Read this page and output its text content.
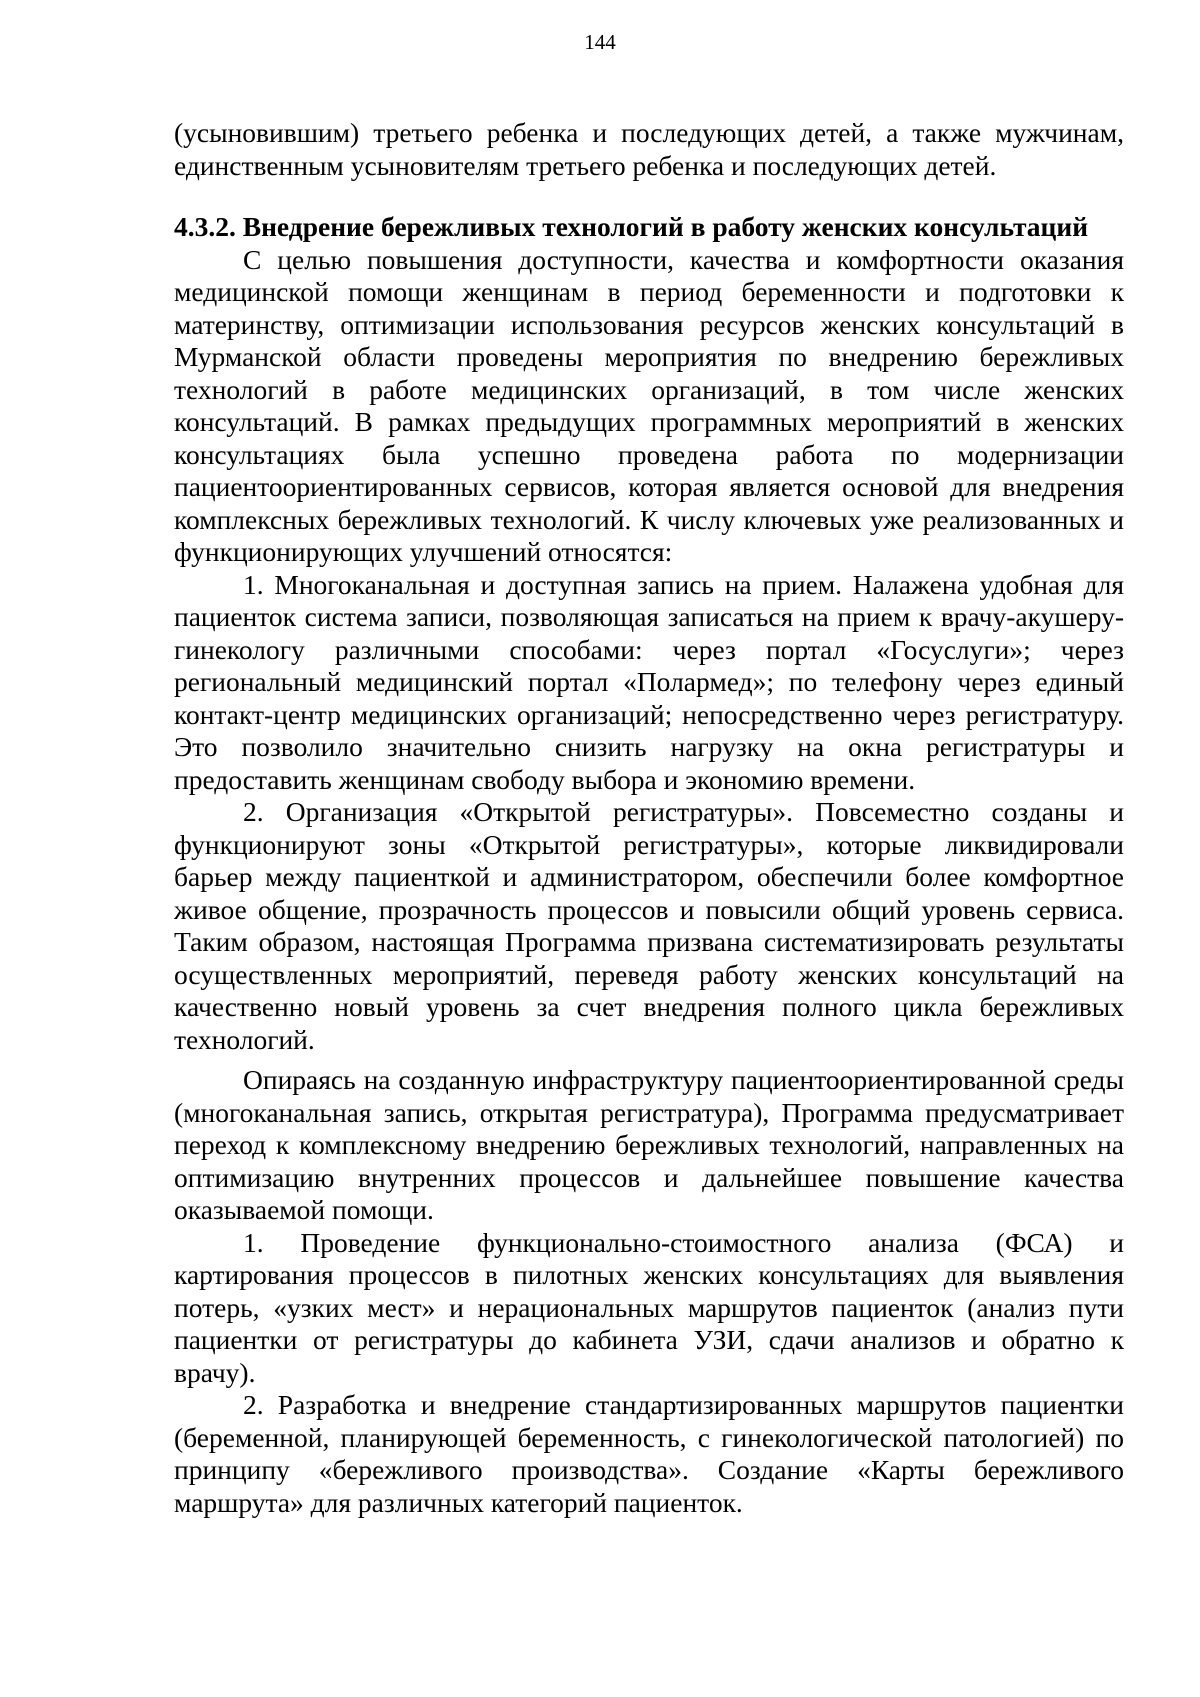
144

(усыновившим) третьего ребенка и последующих детей, а также мужчинам, единственным усыновителям третьего ребенка и последующих детей.

4.3.2. Внедрение бережливых технологий в работу женских консультаций

С целью повышения доступности, качества и комфортности оказания медицинской помощи женщинам в период беременности и подготовки к материнству, оптимизации использования ресурсов женских консультаций в Мурманской области проведены мероприятия по внедрению бережливых технологий в работе медицинских организаций, в том числе женских консультаций. В рамках предыдущих программных мероприятий в женских консультациях была успешно проведена работа по модернизации пациентоориентированных сервисов, которая является основой для внедрения комплексных бережливых технологий. К числу ключевых уже реализованных и функционирующих улучшений относятся:

1. Многоканальная и доступная запись на прием. Налажена удобная для пациенток система записи, позволяющая записаться на прием к врачу-акушеру-гинекологу различными способами: через портал «Госуслуги»; через региональный медицинский портал «Полармед»; по телефону через единый контакт-центр медицинских организаций; непосредственно через регистратуру. Это позволило значительно снизить нагрузку на окна регистратуры и предоставить женщинам свободу выбора и экономию времени.

2. Организация «Открытой регистратуры». Повсеместно созданы и функционируют зоны «Открытой регистратуры», которые ликвидировали барьер между пациенткой и администратором, обеспечили более комфортное живое общение, прозрачность процессов и повысили общий уровень сервиса. Таким образом, настоящая Программа призвана систематизировать результаты осуществленных мероприятий, переведя работу женских консультаций на качественно новый уровень за счет внедрения полного цикла бережливых технологий.

Опираясь на созданную инфраструктуру пациентоориентированной среды (многоканальная запись, открытая регистратура), Программа предусматривает переход к комплексному внедрению бережливых технологий, направленных на оптимизацию внутренних процессов и дальнейшее повышение качества оказываемой помощи.

1. Проведение функционально-стоимостного анализа (ФСА) и картирования процессов в пилотных женских консультациях для выявления потерь, «узких мест» и нерациональных маршрутов пациенток (анализ пути пациентки от регистратуры до кабинета УЗИ, сдачи анализов и обратно к врачу).

2. Разработка и внедрение стандартизированных маршрутов пациентки (беременной, планирующей беременность, с гинекологической патологией) по принципу «бережливого производства». Создание «Карты бережливого маршрута» для различных категорий пациенток.
